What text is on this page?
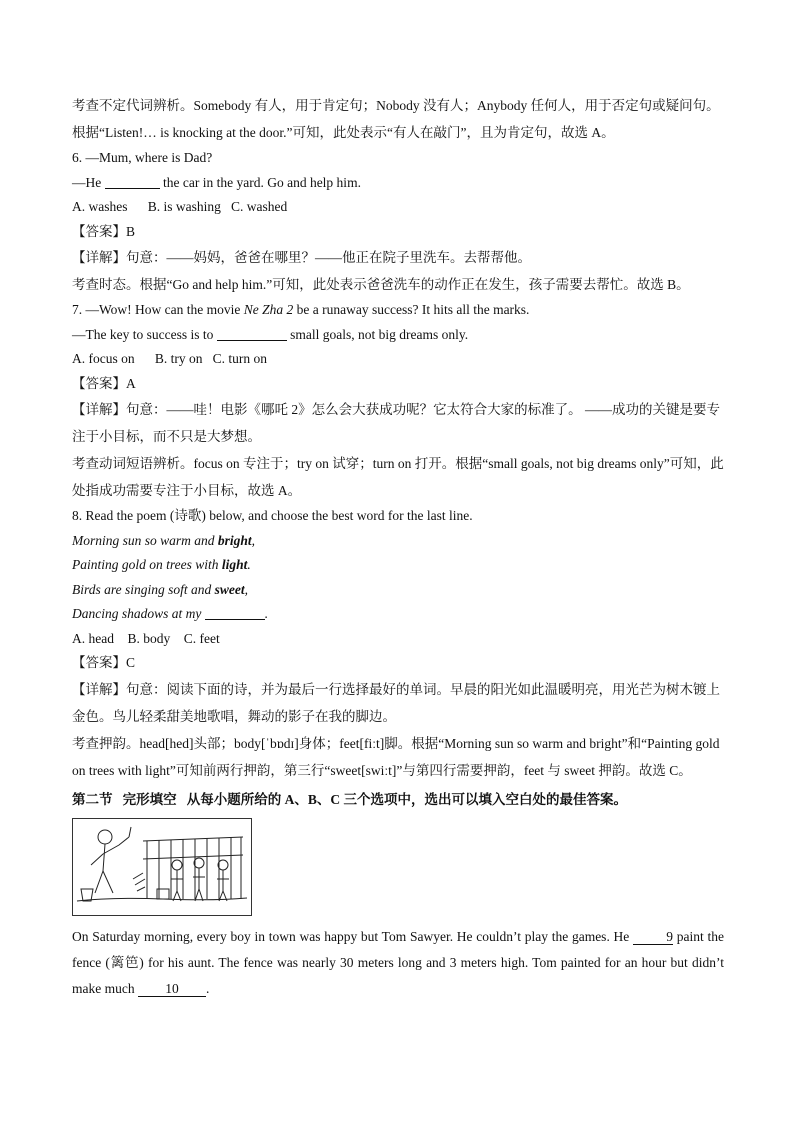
考查不定代词辨析。Somebody 有人，用于肯定句；Nobody 没有人；Anybody 任何人，用于否定句或疑问句。根据“Listen!… is knocking at the door.”可知，此处表示“有人在敲门”，且为肯定句，故选 A。

6. —Mum, where is Dad?

—He	the car in the yard. Go and help him.

A. washes      B. is washing   C. washed

【答案】B

【详解】句意：——妈妈，爸爸在哪里？——他正在院子里洗车。去帮帮他。

考查时态。根据“Go and help him.”可知，此处表示爸爸洗车的动作正在发生，孩子需要去帮忙。故选 B。

7. —Wow! How can the movie Ne Zha 2 be a runaway success? It hits all the marks.

—The key to success is to	small goals, not big dreams only.

A. focus on      B. try on   C. turn on

【答案】A

【详解】句意：——哇！电影《哪吒 2》怎么会大获成功呢？它太符合大家的标准了。 ——成功的关键是要专注于小目标，而不只是大梦想。

考查动词短语辨析。focus on 专注于；try on 试穿；turn on 打开。根据“small goals, not big dreams only”可知，此处指成功需要专注于小目标，故选 A。

8. Read the poem (诗歌) below, and choose the best word for the last line.

Morning sun so warm and bright,

Painting gold on trees with light.

Birds are singing soft and sweet,

Dancing shadows at my	.

A. head    B. body    C. feet

【答案】C

【详解】句意：阅读下面的诗，并为最后一行选择最好的单词。早晨的阳光如此温暖明亮，用光芒为树木镀上金色。鸟儿轻柔甜美地歌唱，舞动的影子在我的脚边。

考查押韵。head[hed]头部；body[ˈbɒdɪ]身体；feet[fiːt]脚。根据“Morning sun so warm and bright”和“Painting gold on trees with light”可知前两行押韵，第三行“sweet[swiːt]”与第四行需要押韵，feet 与 sweet 押韵。故选 C。

第二节   完形填空   从每小题所给的 A、B、C 三个选项中，选出可以填入空白处的最佳答案。

On Saturday morning, every boy in town was happy but Tom Sawyer. He couldn’t play the games. He	9 paint the fence (篱笆) for his aunt. The fence was nearly 30 meters long and 3 meters high. Tom painted for an hour but didn’t make much 10 .
